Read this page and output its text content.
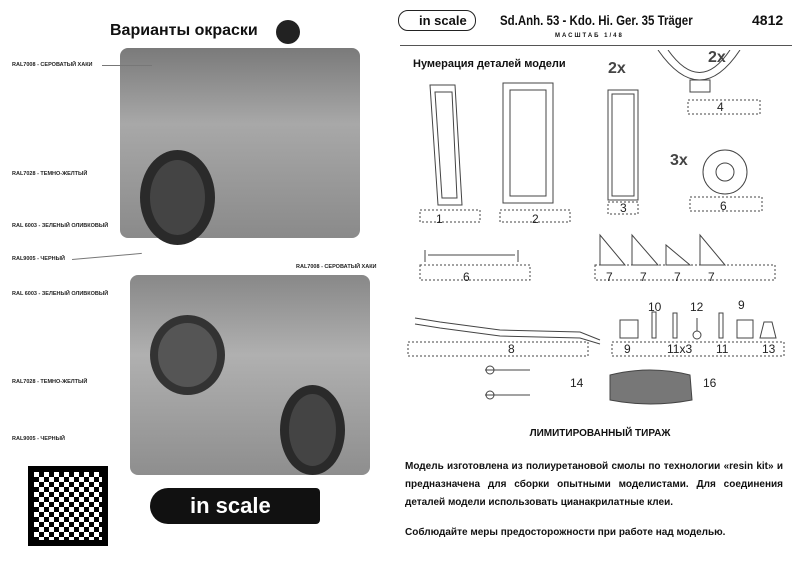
Варианты окраски
RAL7008 - СЕРОВАТЫЙ ХАКИ
RAL7028 - ТЕМНО-ЖЕЛТЫЙ
RAL 6003 - ЗЕЛЕНЫЙ ОЛИВКОВЫЙ
RAL9005 - ЧЕРНЫЙ
RAL7008 - СЕРОВАТЫЙ ХАКИ
RAL 6003 - ЗЕЛЕНЫЙ ОЛИВКОВЫЙ
RAL7028 - ТЕМНО-ЖЕЛТЫЙ
RAL9005 - ЧЕРНЫЙ
in scale
in scale	Sd.Anh. 53 - Kdo. Hi. Ger. 35 Träger	4812
МАСШТАБ 1/48
Нумерация деталей модели
1	2
3
4
6
6
7 7 7 7
8	9	11x3 11	13
10 12	9
14	16
2x
2x
3x
ЛИМИТИРОВАННЫЙ ТИРАЖ
Модель изготовлена из полиуретановой смолы по технологии «resin kit» и предназначена для сборки опытными моделистами. Для соединения деталей модели использовать цианакрилатные клеи.
Соблюдайте меры предосторожности при работе над моделью.
